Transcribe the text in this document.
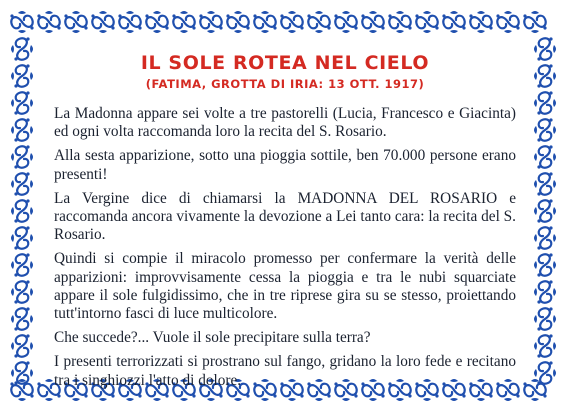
IL SOLE ROTEA NEL CIELO
(FATIMA, GROTTA DI IRIA: 13 OTT. 1917)

La Madonna appare sei volte a tre pastorelli (Lucia, Francesco e Giacinta) ed ogni volta raccomanda loro la recita del S. Rosario.

Alla sesta apparizione, sotto una pioggia sottile, ben 70.000 persone erano presenti!

La Vergine dice di chiamarsi la MADONNA DEL ROSARIO e raccomanda ancora vivamente la devozione a Lei tanto cara: la recita del S. Rosario.

Quindi si compie il miracolo promesso per confermare la verità delle apparizioni: improvvisamente cessa la pioggia e tra le nubi squarciate appare il sole fulgidissimo, che in tre riprese gira su se stesso, proiettando tutt'intorno fasci di luce multicolore.

Che succede?... Vuole il sole precipitare sulla terra?

I presenti terrorizzati si prostrano sul fango, gridano la loro fede e recitano tra i singhiozzi l'atto di dolore.
